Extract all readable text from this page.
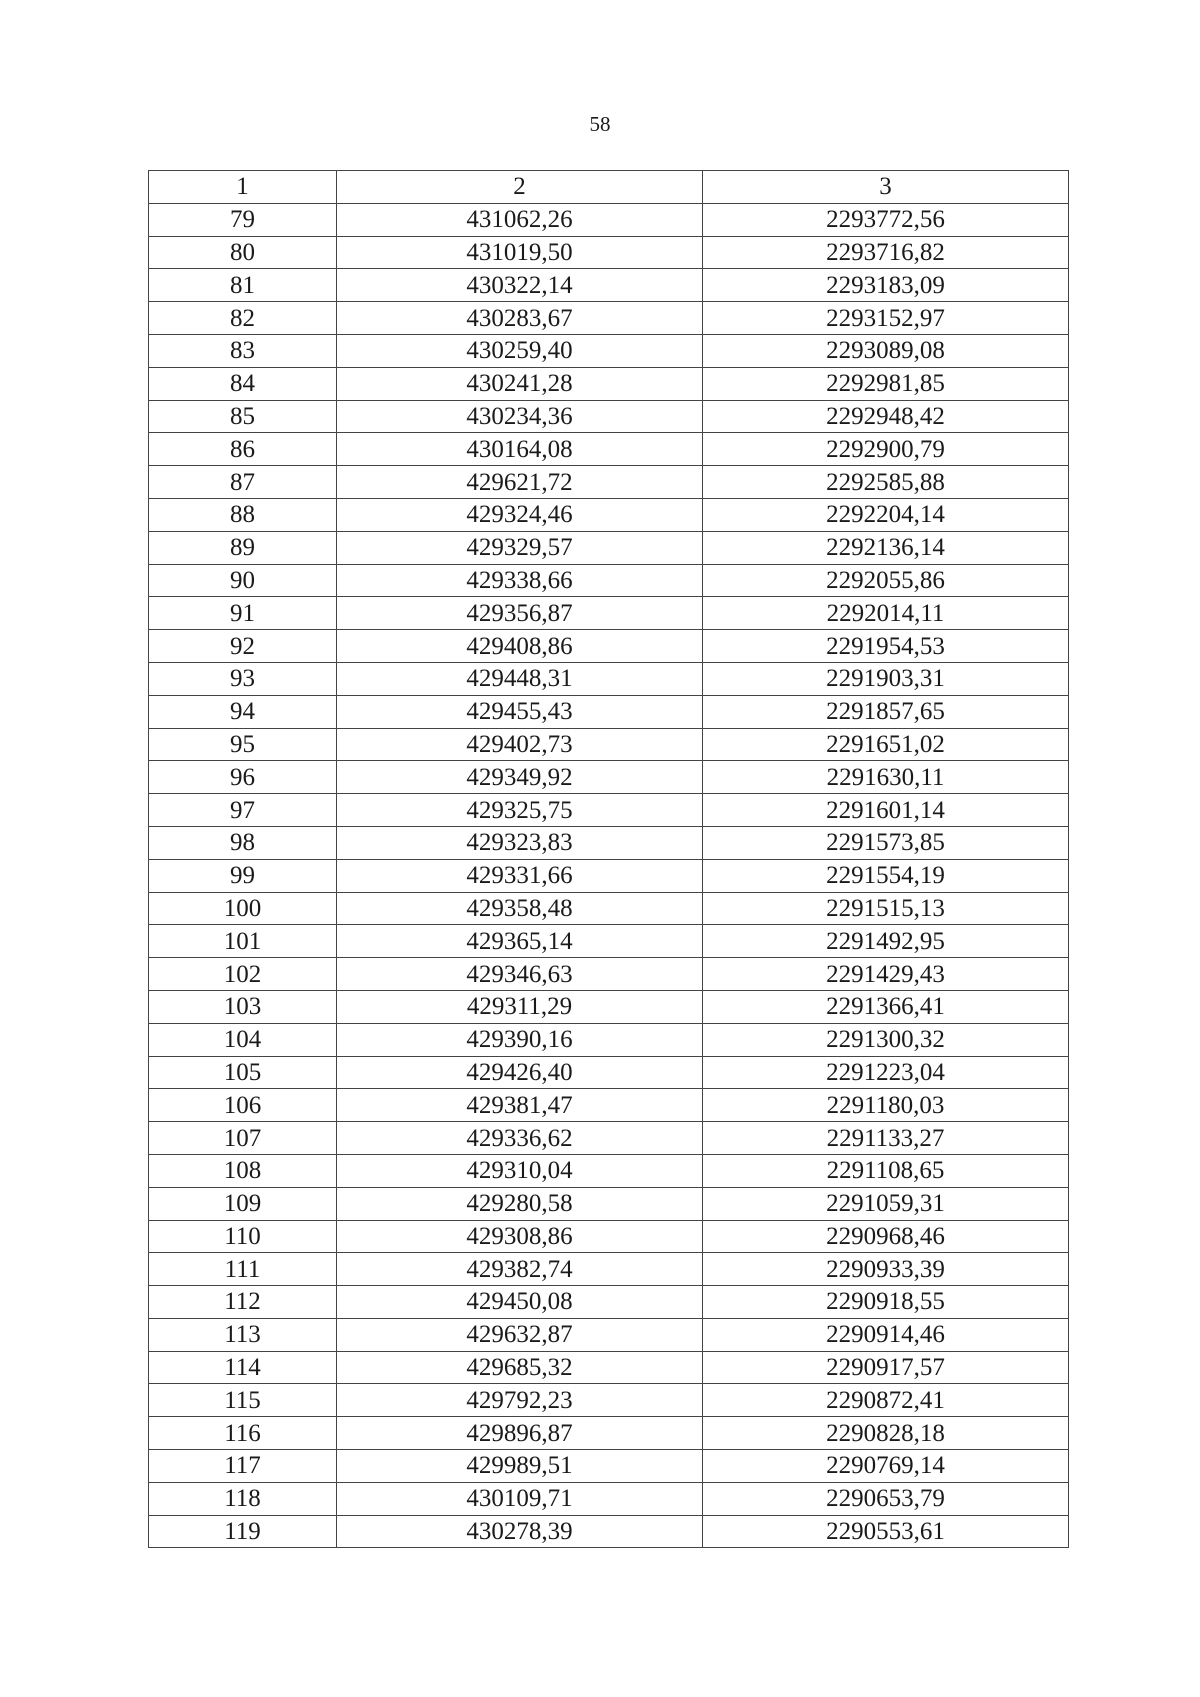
58
1	2	3
79	431062,26	2293772,56
80	431019,50	2293716,82
81	430322,14	2293183,09
82	430283,67	2293152,97
83	430259,40	2293089,08
84	430241,28	2292981,85
85	430234,36	2292948,42
86	430164,08	2292900,79
87	429621,72	2292585,88
88	429324,46	2292204,14
89	429329,57	2292136,14
90	429338,66	2292055,86
91	429356,87	2292014,11
92	429408,86	2291954,53
93	429448,31	2291903,31
94	429455,43	2291857,65
95	429402,73	2291651,02
96	429349,92	2291630,11
97	429325,75	2291601,14
98	429323,83	2291573,85
99	429331,66	2291554,19
100	429358,48	2291515,13
101	429365,14	2291492,95
102	429346,63	2291429,43
103	429311,29	2291366,41
104	429390,16	2291300,32
105	429426,40	2291223,04
106	429381,47	2291180,03
107	429336,62	2291133,27
108	429310,04	2291108,65
109	429280,58	2291059,31
110	429308,86	2290968,46
111	429382,74	2290933,39
112	429450,08	2290918,55
113	429632,87	2290914,46
114	429685,32	2290917,57
115	429792,23	2290872,41
116	429896,87	2290828,18
117	429989,51	2290769,14
118	430109,71	2290653,79
119	430278,39	2290553,61
